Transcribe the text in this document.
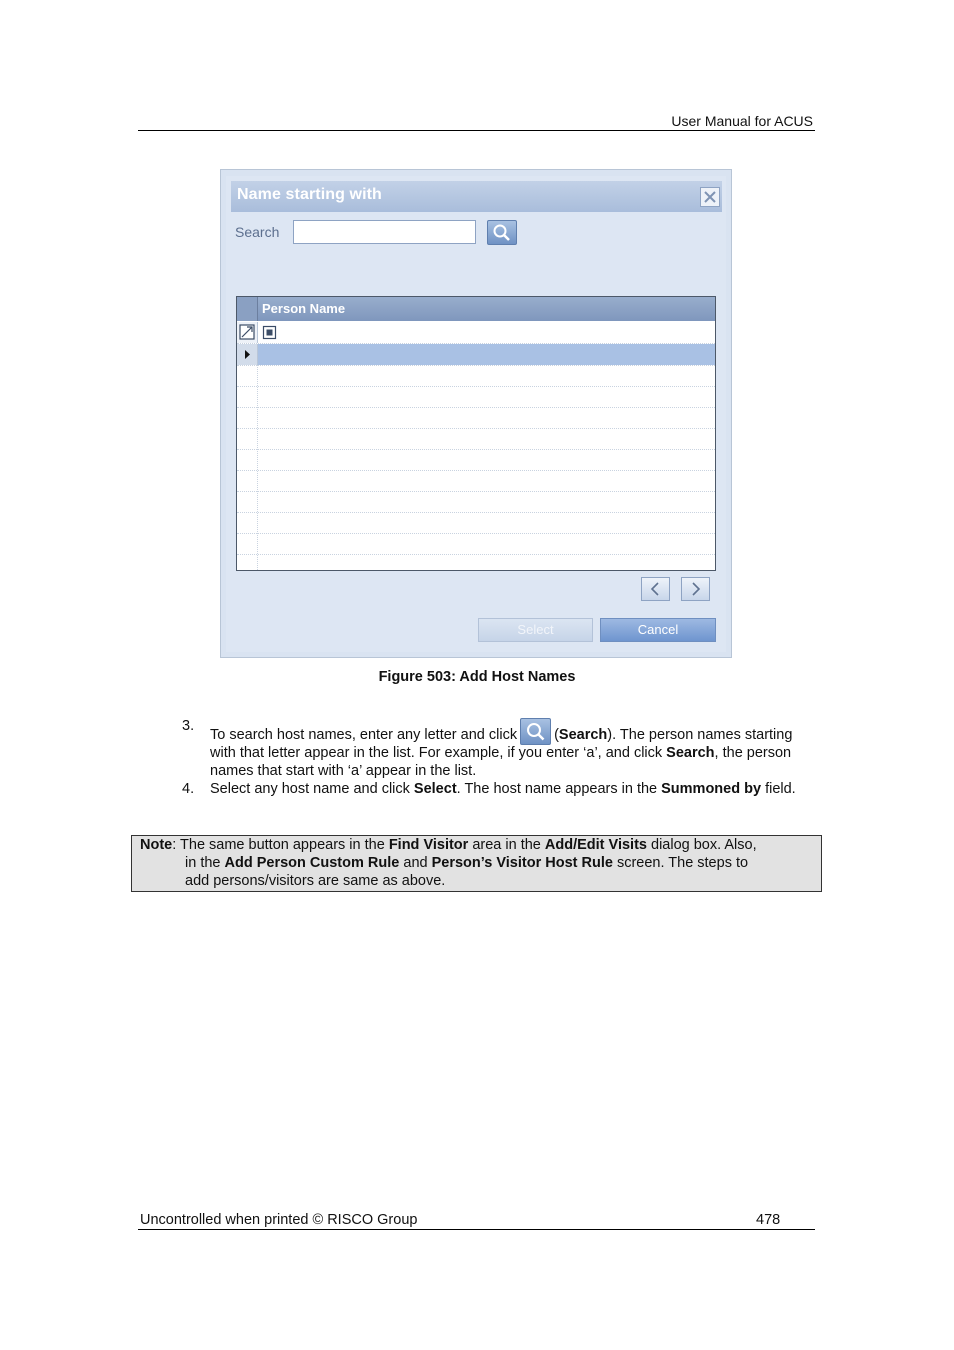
User Manual for ACUS
Name starting with
Search
Person Name
Select	Cancel
Figure 503: Add Host Names
3.
To search host names, enter any letter and click	(Search). The person names starting with that letter appear in the list. For example, if you enter ‘a’, and click Search, the person names that start with ‘a’ appear in the list.
4. Select any host name and click Select. The host name appears in the Summoned by field.
Note: The same button appears in the Find Visitor area in the Add/Edit Visits dialog box. Also,
in the Add Person Custom Rule and Person’s Visitor Host Rule screen. The steps to
add persons/visitors are same as above.
Uncontrolled when printed © RISCO Group	478
